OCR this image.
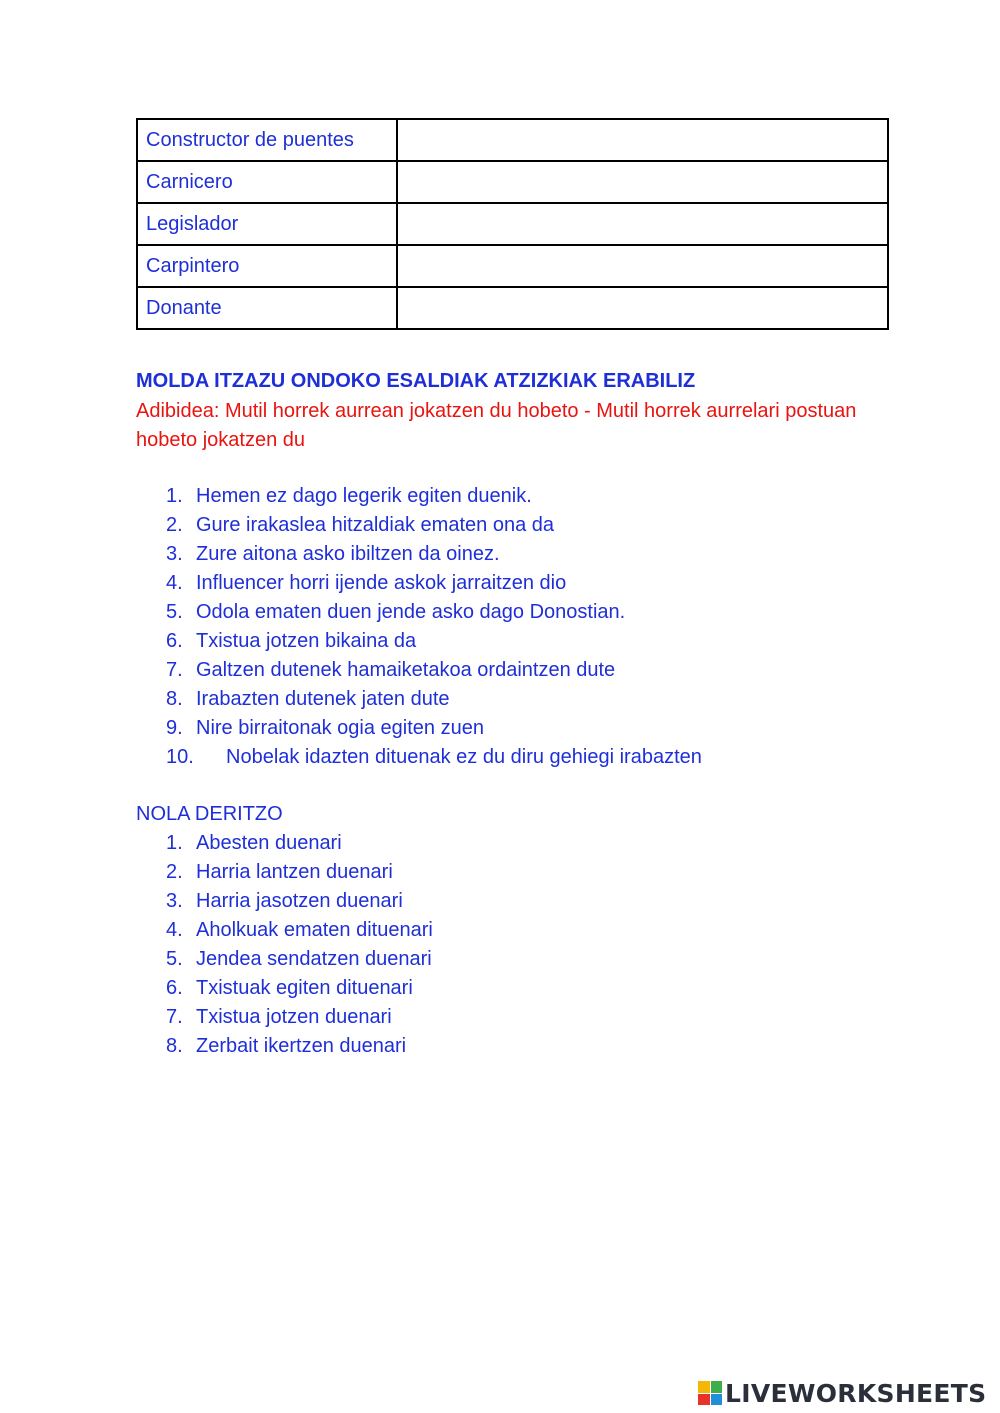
Constructor de puentes	
Carnicero	
Legislador	
Carpintero	
Donante	
MOLDA ITZAZU ONDOKO ESALDIAK ATZIZKIAK ERABILIZ

Adibidea: Mutil horrek aurrean jokatzen du hobeto - Mutil horrek aurrelari postuan hobeto jokatzen du

1. Hemen ez dago legerik egiten duenik.
2. Gure irakaslea hitzaldiak ematen ona da
3. Zure aitona asko ibiltzen da oinez.
4. Influencer horri ijende askok jarraitzen dio
5. Odola ematen duen jende asko dago Donostian.
6. Txistua jotzen bikaina da
7. Galtzen dutenek hamaiketakoa ordaintzen dute
8. Irabazten dutenek jaten dute
9. Nire birraitonak ogia egiten zuen
10. Nobelak idazten dituenak ez du diru gehiegi irabazten

NOLA DERITZO

1. Abesten duenari
2. Harria lantzen duenari
3. Harria jasotzen duenari
4. Aholkuak ematen dituenari
5. Jendea sendatzen duenari
6. Txistuak egiten dituenari
7. Txistua jotzen duenari
8. Zerbait ikertzen duenari
LIVEWORKSHEETS
